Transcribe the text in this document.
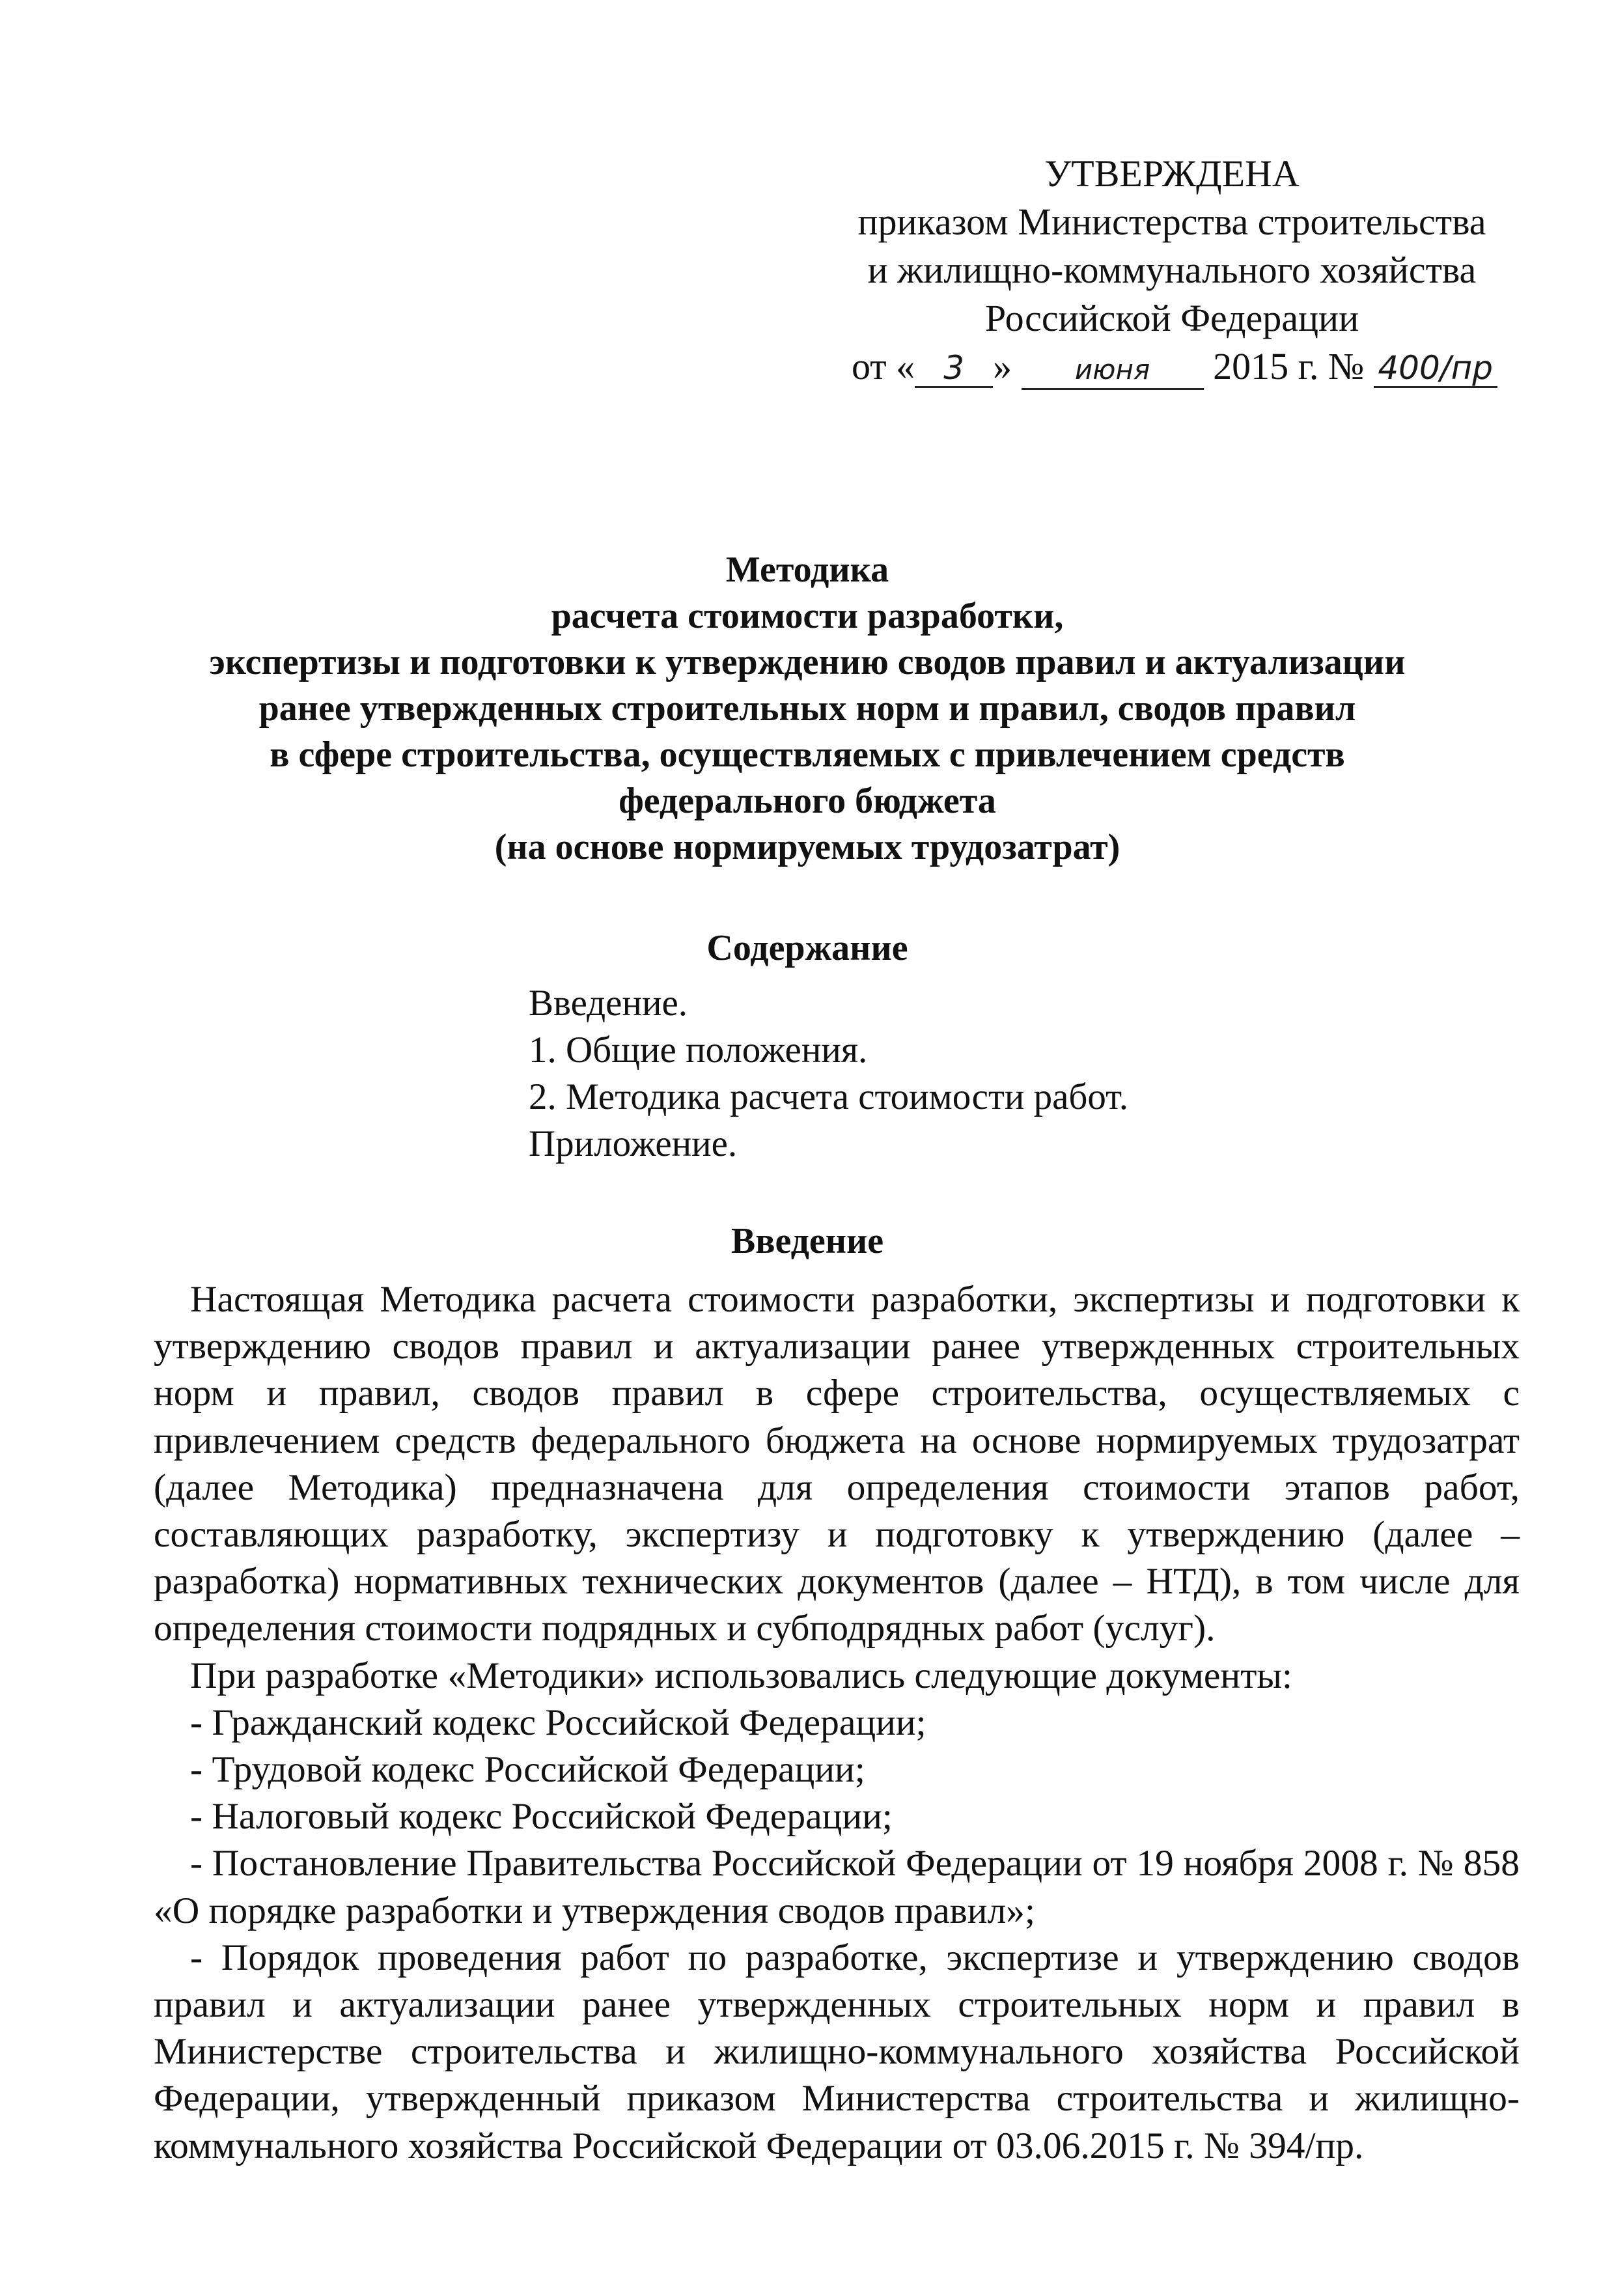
УТВЕРЖДЕНА
приказом Министерства строительства
и жилищно-коммунального хозяйства
Российской Федерации
от « 3 » июня 2015 г. № 400/пр
Методика
расчета стоимости разработки,
экспертизы и подготовки к утверждению сводов правил и актуализации
ранее утвержденных строительных норм и правил, сводов правил
в сфере строительства, осуществляемых с привлечением средств
федерального бюджета
(на основе нормируемых трудозатрат)
Содержание
Введение.
1. Общие положения.
2. Методика расчета стоимости работ.
Приложение.
Введение

Настоящая Методика расчета стоимости разработки, экспертизы и подготовки к утверждению сводов правил и актуализации ранее утвержденных строительных норм и правил, сводов правил в сфере строительства, осуществляемых с привлечением средств федерального бюджета на основе нормируемых трудозатрат (далее Методика) предназначена для определения стоимости этапов работ, составляющих разработку, экспертизу и подготовку к утверждению (далее – разработка) нормативных технических документов (далее – НТД), в том числе для определения стоимости подрядных и субподрядных работ (услуг).

При разработке «Методики» использовались следующие документы:

- Гражданский кодекс Российской Федерации;

- Трудовой кодекс Российской Федерации;

- Налоговый кодекс Российской Федерации;

- Постановление Правительства Российской Федерации от 19 ноября 2008 г. № 858 «О порядке разработки и утверждения сводов правил»;

- Порядок проведения работ по разработке, экспертизе и утверждению сводов правил и актуализации ранее утвержденных строительных норм и правил в Министерстве строительства и жилищно-коммунального хозяйства Российской Федерации, утвержденный приказом Министерства строительства и жилищно-коммунального хозяйства Российской Федерации от 03.06.2015 г. № 394/пр.
